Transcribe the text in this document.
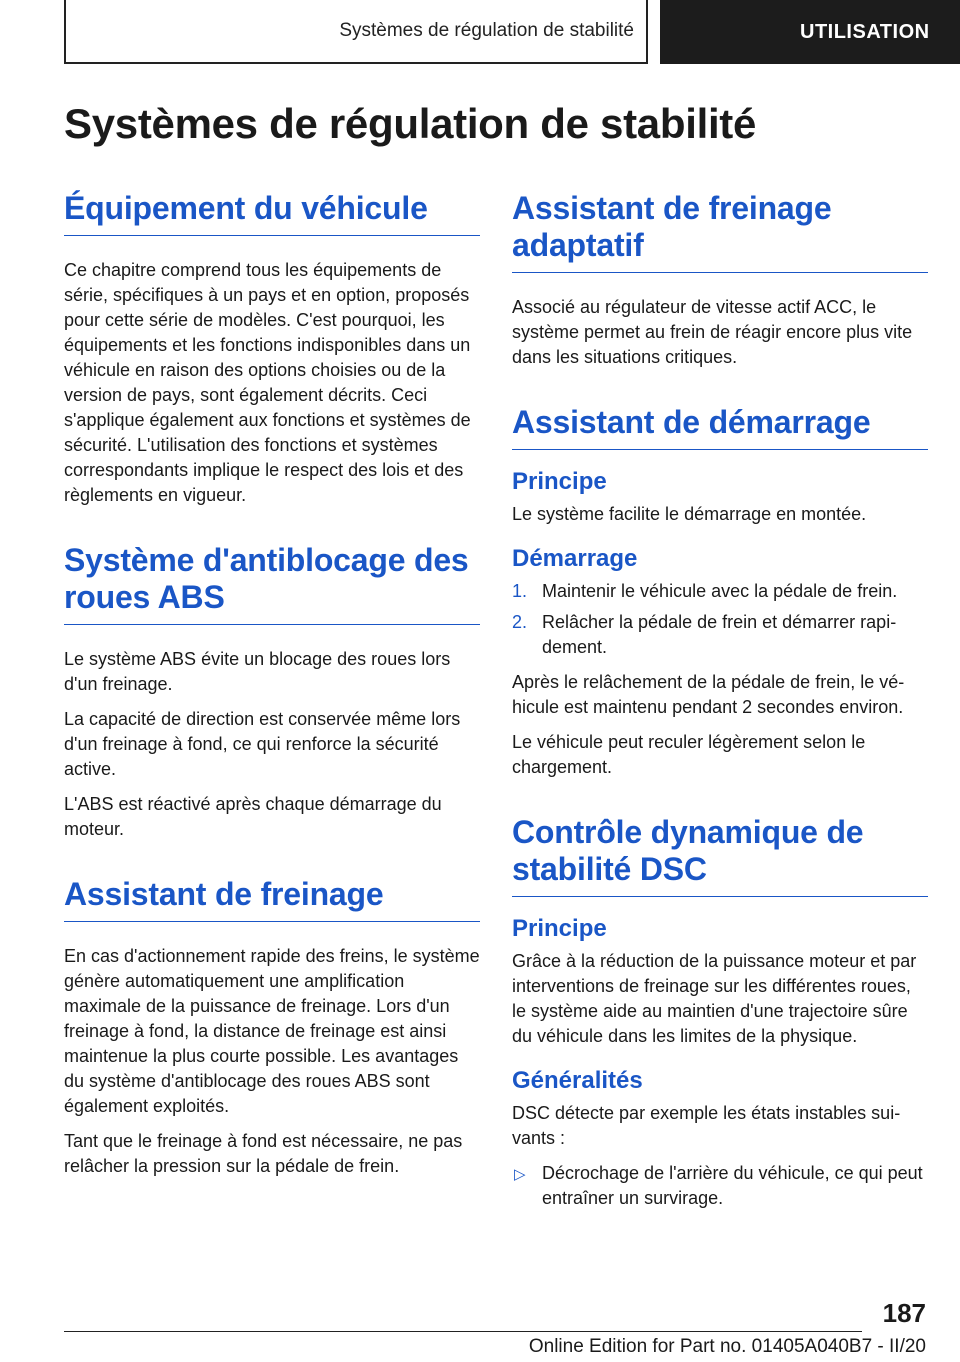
Systèmes de régulation de stabilité	UTILISATION
Systèmes de régulation de stabilité
Équipement du véhicule

Ce chapitre comprend tous les équipements de série, spécifiques à un pays et en option, proposés pour cette série de modèles. C'est pourquoi, les équipements et les fonctions indisponibles dans un véhicule en raison des options choisies ou de la version de pays, sont également décrits. Ceci s'applique également aux fonctions et systèmes de sécurité. L'utilisation des fonctions et systèmes correspondants implique le respect des lois et des règlements en vigueur.

Système d'antiblocage des roues ABS

Le système ABS évite un blocage des roues lors d'un freinage.

La capacité de direction est conservée même lors d'un freinage à fond, ce qui renforce la sécurité active.

L'ABS est réactivé après chaque démarrage du moteur.

Assistant de freinage

En cas d'actionnement rapide des freins, le système génère automatiquement une amplification maximale de la puissance de freinage. Lors d'un freinage à fond, la distance de freinage est ainsi maintenue la plus courte possible. Les avantages du système d'antiblocage des roues ABS sont également exploités.

Tant que le freinage à fond est nécessaire, ne pas relâcher la pression sur la pédale de frein.

Assistant de freinage adaptatif

Associé au régulateur de vitesse actif ACC, le système permet au frein de réagir encore plus vite dans les situations critiques.

Assistant de démarrage
Principe

Le système facilite le démarrage en montée.

Démarrage
1. Maintenir le véhicule avec la pédale de frein.
2. Relâcher la pédale de frein et démarrer rapidement.

Après le relâchement de la pédale de frein, le véhicule est maintenu pendant 2 secondes environ.

Le véhicule peut reculer légèrement selon le chargement.

Contrôle dynamique de stabilité DSC
Principe

Grâce à la réduction de la puissance moteur et par interventions de freinage sur les différentes roues, le système aide au maintien d'une trajectoire sûre du véhicule dans les limites de la physique.

Généralités

DSC détecte par exemple les états instables suivants :

▷ Décrochage de l'arrière du véhicule, ce qui peut entraîner un survirage.
187
Online Edition for Part no. 01405A040B7 - II/20
